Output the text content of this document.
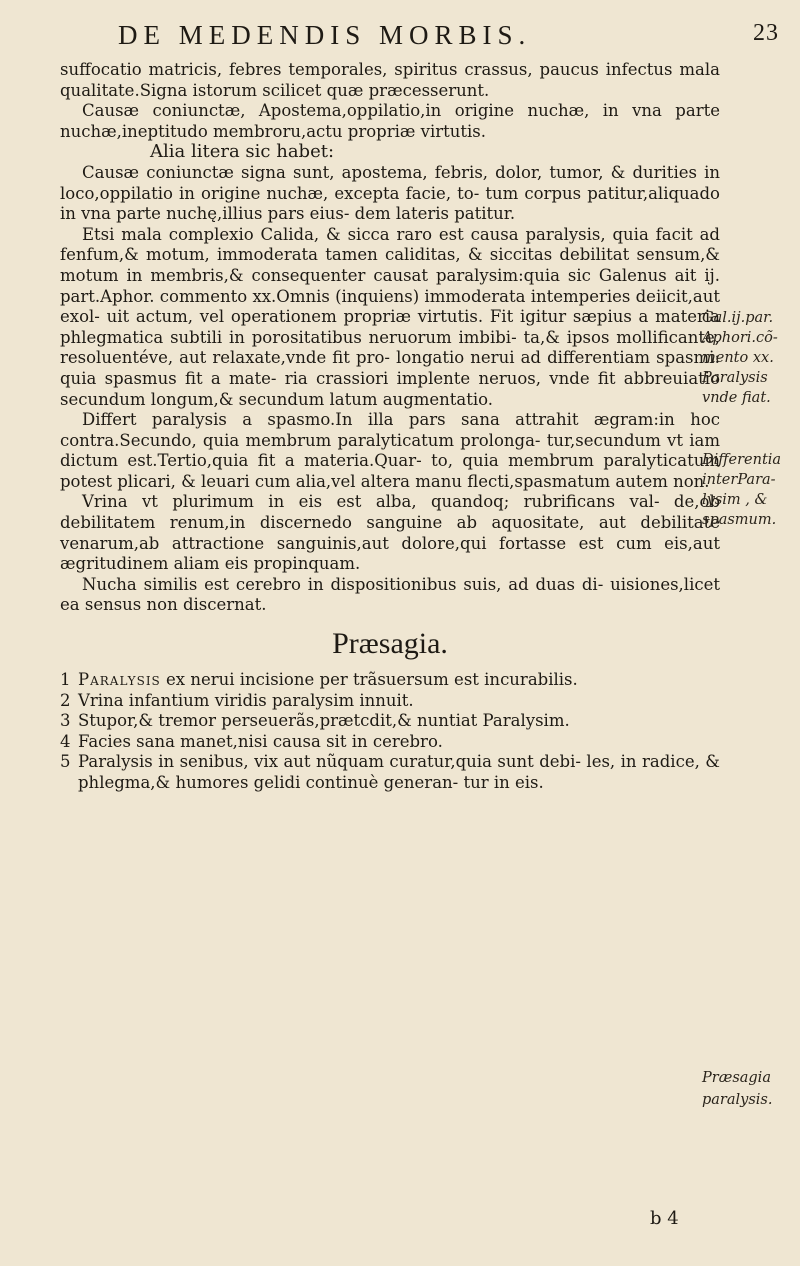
DE MEDENDIS MORBIS.	23

suffocatio matricis, febres temporales, spiritus crassus, paucus infectus mala qualitate.Signa istorum scilicet quæ præcesserunt.

Causæ coniunctæ, Apostema,oppilatio,in origine nuchæ, in vna parte nuchæ,ineptitudo membroru,actu propriæ virtutis.

Alia litera sic habet:

Causæ coniunctæ signa sunt, apostema, febris, dolor, tumor, & durities in loco,oppilatio in origine nuchæ, excepta facie, to- tum corpus patitur,aliquado in vna parte nuchę,illius pars eius- dem lateris patitur.

Etsi mala complexio Calida, & sicca raro est causa paralysis, quia facit ad fenfum,& motum, immoderata tamen caliditas, & siccitas debilitat sensum,& motum in membris,& consequenter causat paralysim:quia sic Galenus ait ij. part.Aphor. commento xx.Omnis (inquiens) immoderata intemperies deiicit,aut exol- uit actum, vel operationem propriæ virtutis. Fit igitur sæpius a materia phlegmatica subtili in porositatibus neruorum imbibi- ta,& ipsos mollificante, resoluentéve, aut relaxate,vnde fit pro- longatio nerui ad differentiam spasmi: quia spasmus fit a mate- ria crassiori implente neruos, vnde fit abbreuiatio secundum longum,& secundum latum augmentatio.

Differt paralysis a spasmo.In illa pars sana attrahit ægram:in hoc contra.Secundo, quia membrum paralyticatum prolonga- tur,secundum vt iam dictum est.Tertio,quia fit a materia.Quar- to, quia membrum paralyticatum potest plicari, & leuari cum alia,vel altera manu flecti,spasmatum autem non.

Vrina vt plurimum in eis est alba, quandoq; rubrificans val- de,ob debilitatem renum,in discernedo sanguine ab aquositate, aut debilitate venarum,ab attractione sanguinis,aut dolore,qui fortasse est cum eis,aut ægritudinem aliam eis propinquam.

Nucha similis est cerebro in dispositionibus suis, ad duas di- uisiones,licet ea sensus non discernat.

Præsagia.
1 Paralysis ex nerui incisione per trãsuersum est incurabilis.
2 Vrina infantium viridis paralysim innuit.
3 Stupor,& tremor perseuerãs,prætcdit,& nuntiat Paralysim.
4 Facies sana manet,nisi causa sit in cerebro.
5 Paralysis in senibus, vix aut nũquam curatur,quia sunt debi- les, in radice, & phlegma,& humores gelidi continuè generan- tur in eis.
Gal.ij.par.
Aphori.cõ-
mento xx.
Paralysis
vnde fiat.
Differentia
interPara-
lysim , &
spasmum.
Præsagia
paralysis.
b 4
